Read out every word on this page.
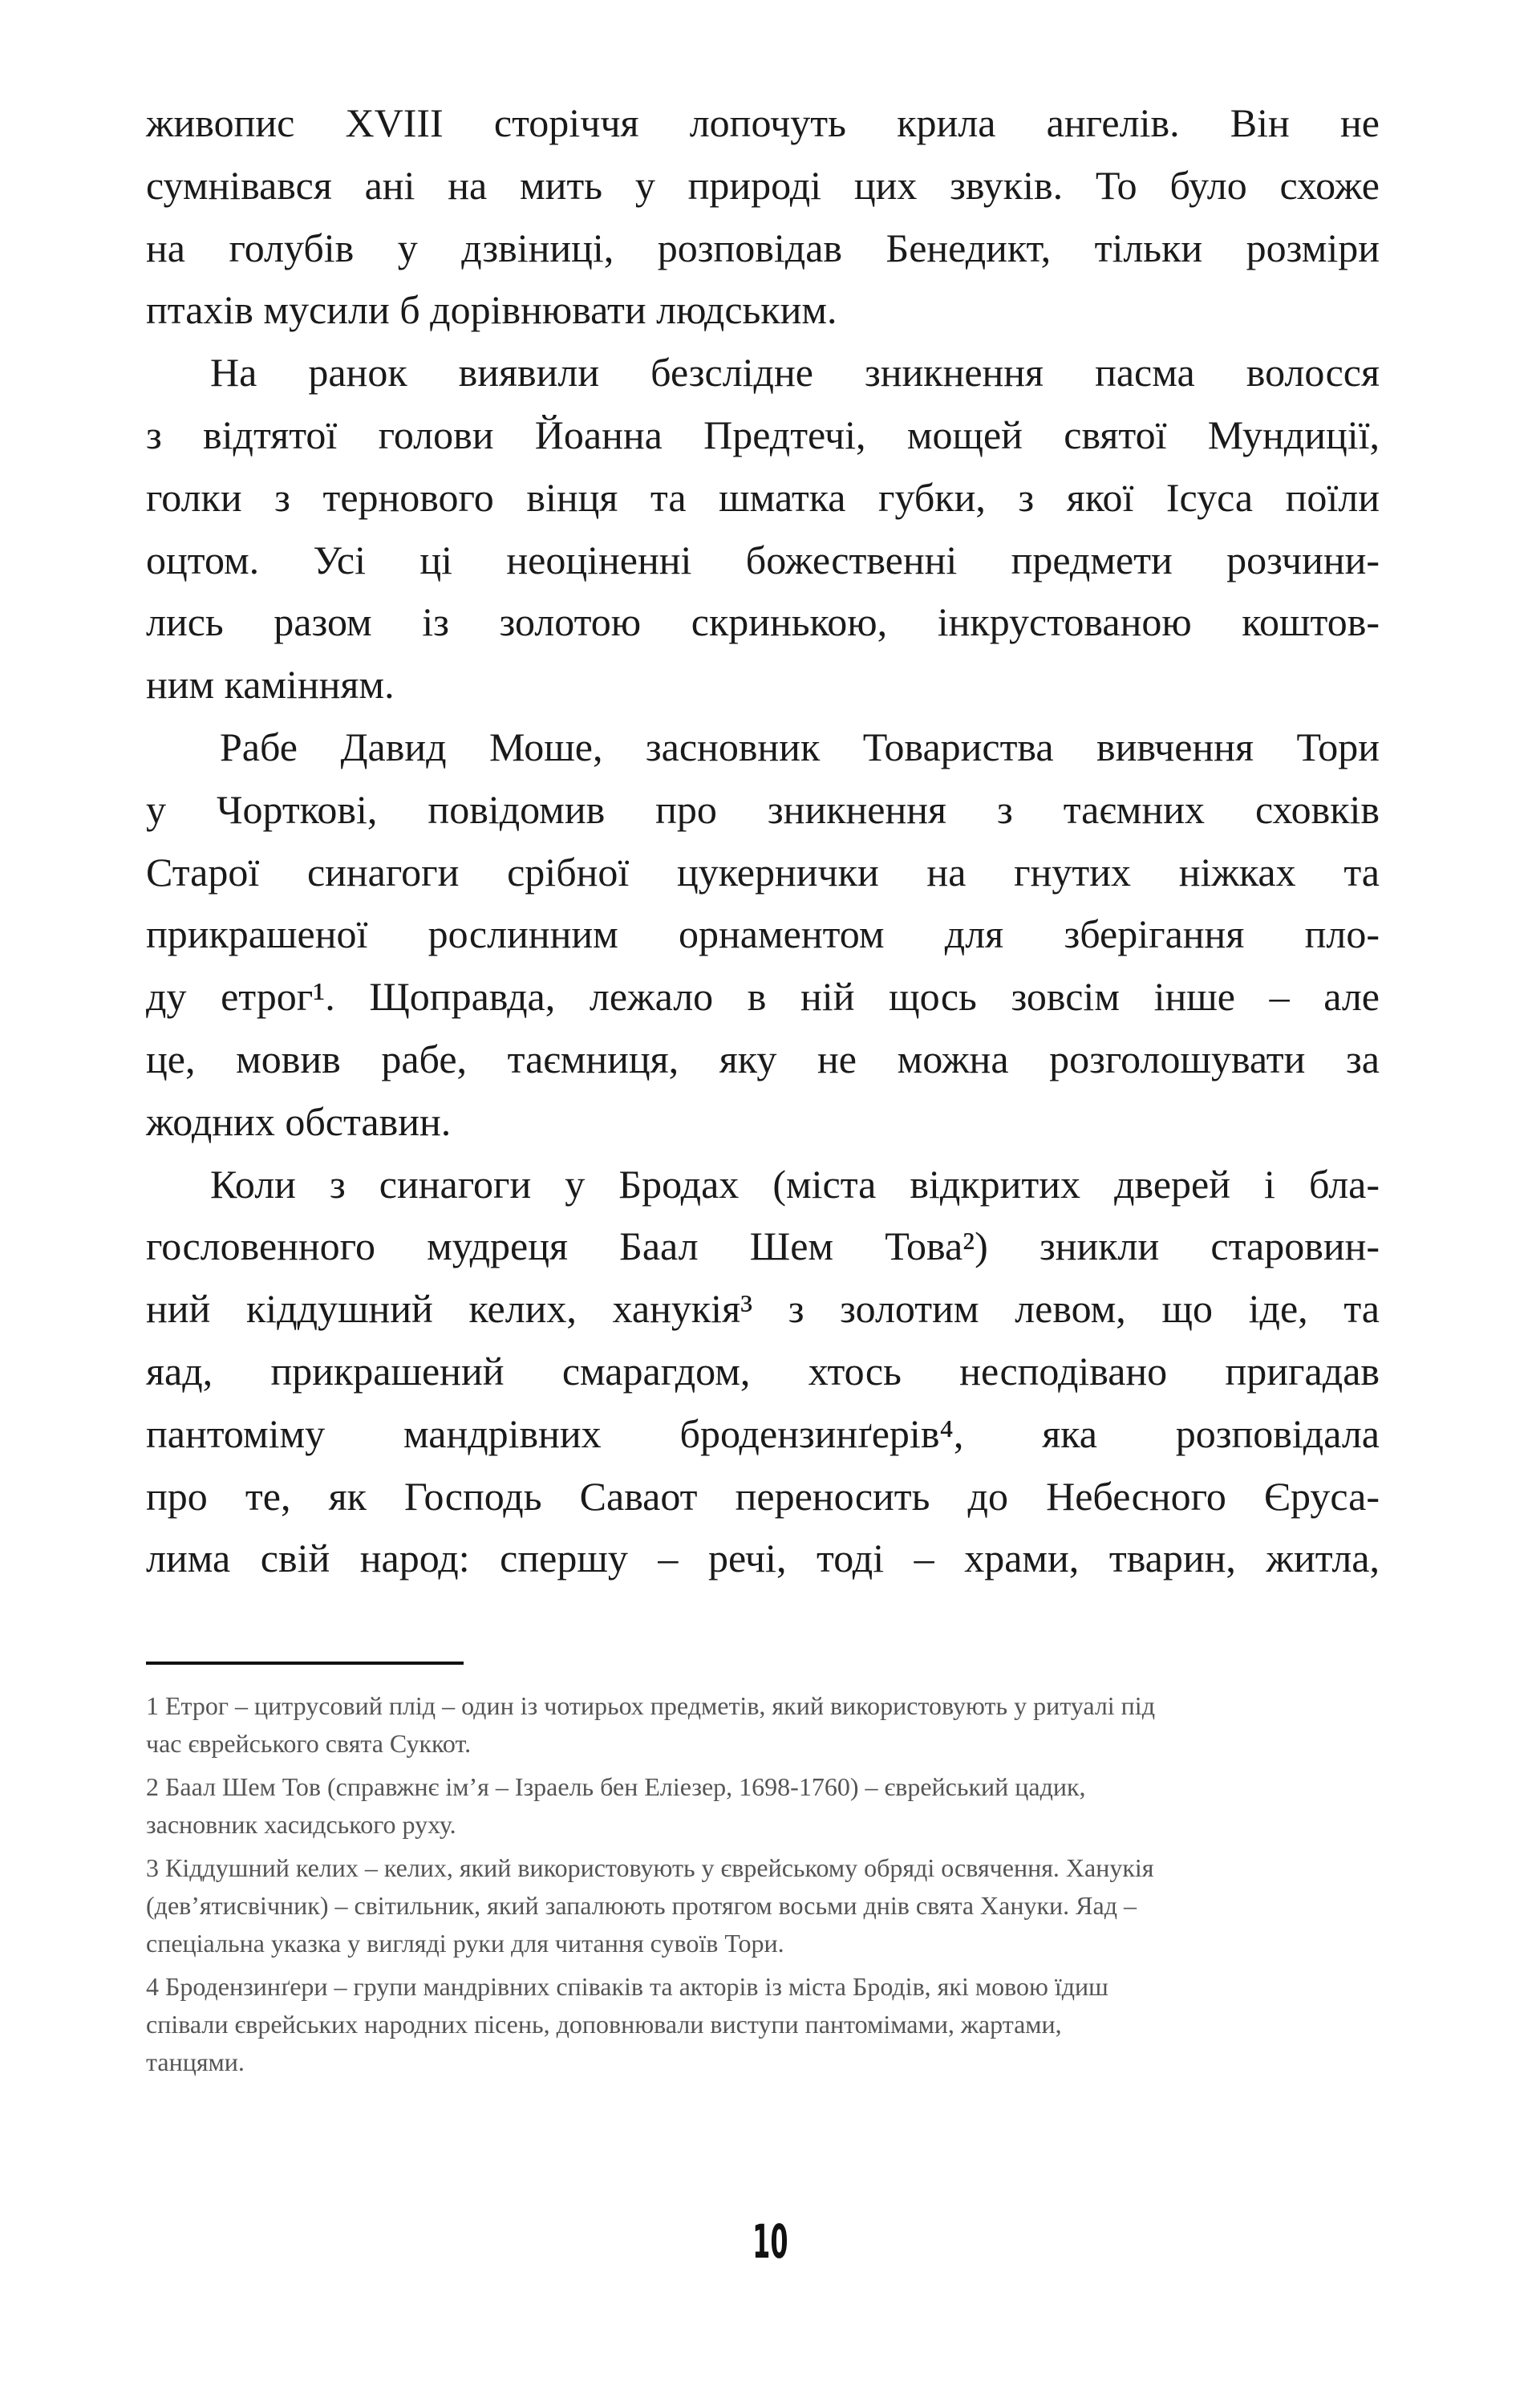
живопис XVIII сторіччя лопочуть крила ангелів. Він не
сумнівався ані на мить у природі цих звуків. То було схоже
на голубів у дзвіниці, розповідав Бенедикт, тільки розміри
птахів мусили б дорівнювати людським.
На ранок виявили безслідне зникнення пасма волосся
з відтятої голови Йоанна Предтечі, мощей святої Мундиції,
голки з тернового вінця та шматка губки, з якої Ісуса поїли
оцтом. Усі ці неоціненні божественні предмети розчини-
лись разом із золотою скринькою, інкрустованою коштов-
ним камінням.
Рабе Давид Моше, засновник Товариства вивчення Тори
у Чорткові, повідомив про зникнення з таємних сховків
Старої синагоги срібної цукернички на гнутих ніжках та
прикрашеної рослинним орнаментом для зберігання пло-
ду етрог¹. Щоправда, лежало в ній щось зовсім інше – але
це, мовив рабе, таємниця, яку не можна розголошувати за
жодних обставин.
Коли з синагоги у Бродах (міста відкритих дверей і бла-
гословенного мудреця Баал Шем Това²) зникли старовин-
ний кіддушний келих, ханукія³ з золотим левом, що іде, та
яад, прикрашений смарагдом, хтось несподівано пригадав
пантоміму мандрівних бродензинґерів⁴, яка розповідала
про те, як Господь Саваот переносить до Небесного Єруса-
лима свій народ: спершу – речі, тоді – храми, тварин, житла,
1 Етрог – цитрусовий плід – один із чотирьох предметів, який використовують у ритуалі під
час єврейського свята Суккот.
2 Баал Шем Тов (справжнє ім’я – Ізраель бен Еліезер, 1698-1760) – єврейський цадик,
засновник хасидського руху.
3 Кіддушний келих – келих, який використовують у єврейському обряді освячення. Ханукія
(дев’ятисвічник) – світильник, який запалюють протягом восьми днів свята Хануки. Яад –
спеціальна указка у вигляді руки для читання сувоїв Тори.
4 Бродензинґери – групи мандрівних співаків та акторів із міста Бродів, які мовою їдиш
співали єврейських народних пісень, доповнювали виступи пантомімами, жартами,
танцями.
10
